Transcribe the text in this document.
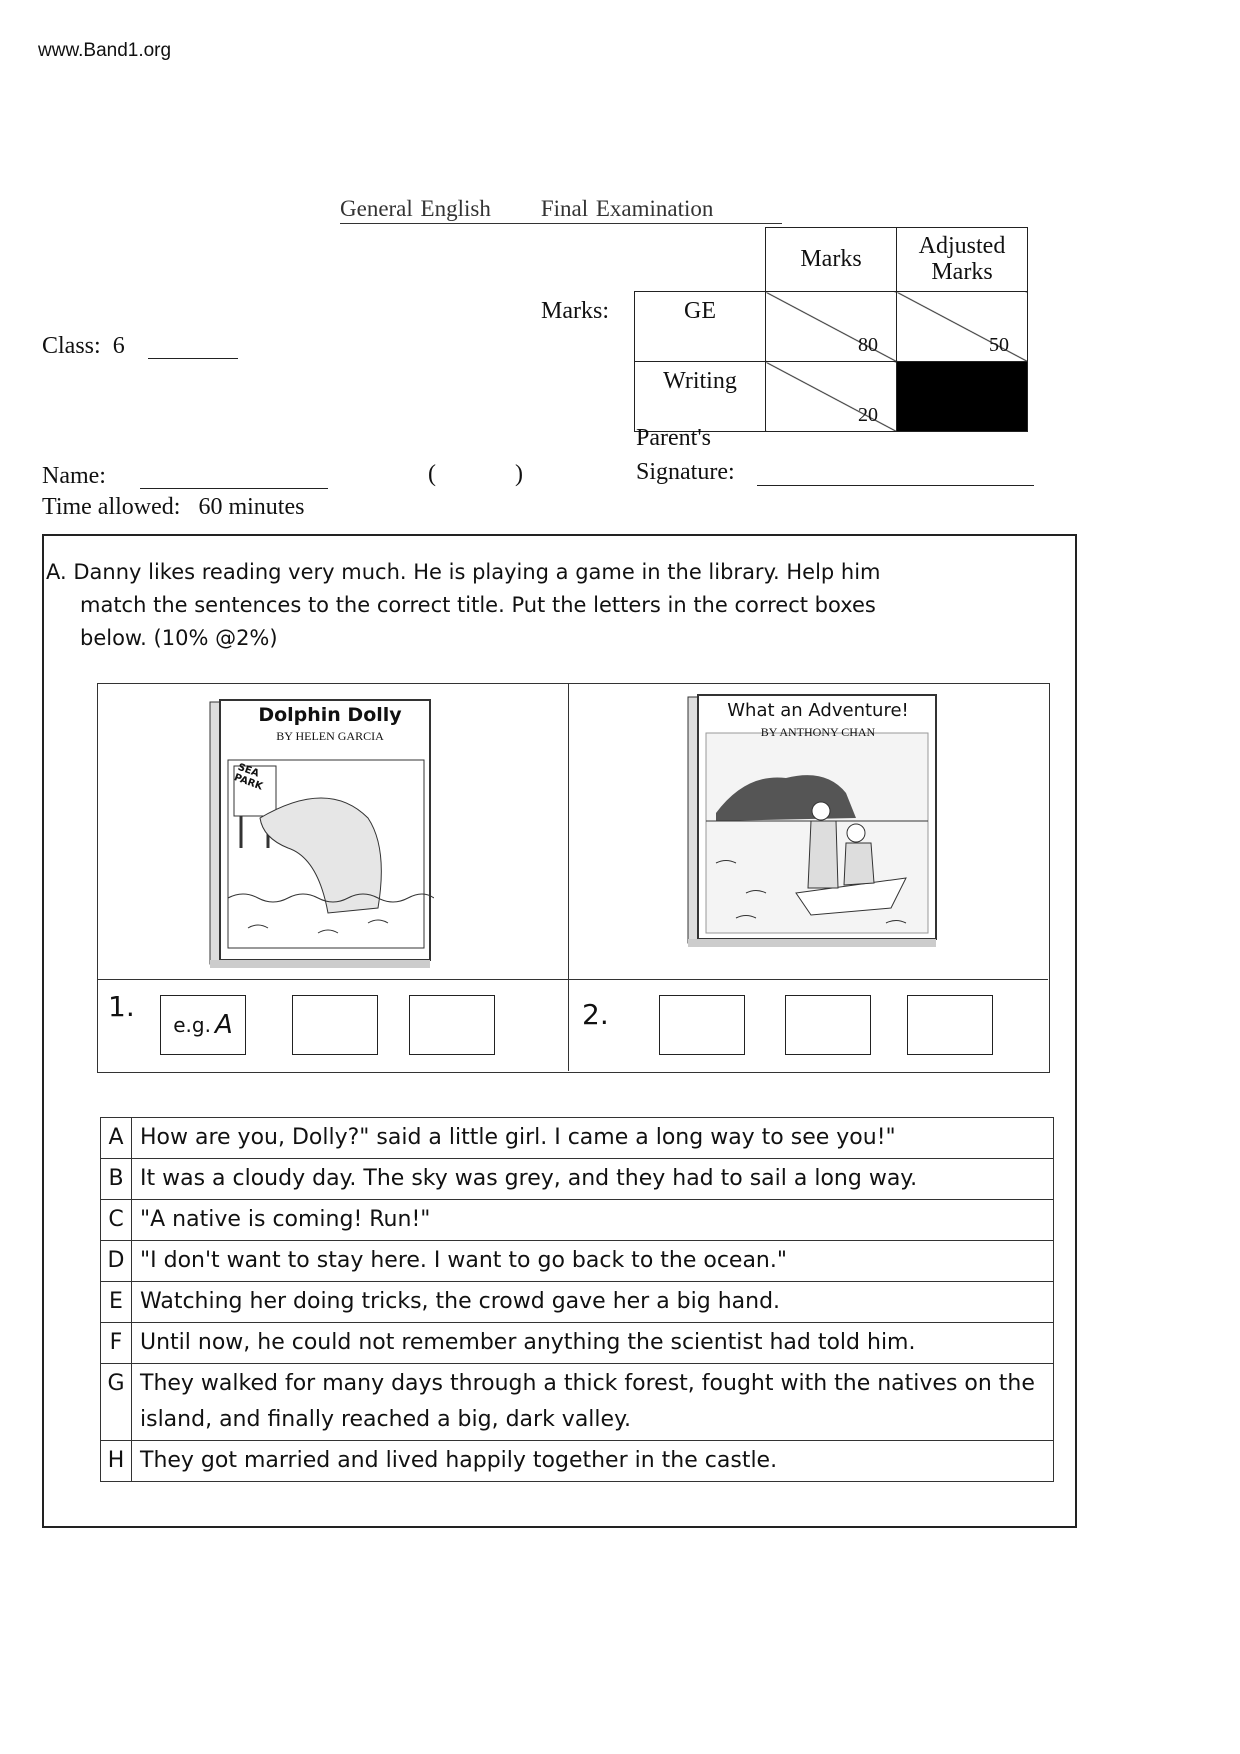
www.Band1.org
General English Final Examination
Marks:
	Marks	Adjusted Marks
GE	80	50

Writing	20	

Class: 6
Parent's
Signature:
Name:	(	)
Time allowed: 60 minutes
A. Danny likes reading very much. He is playing a game in the library. Help him
match the sentences to the correct title. Put the letters in the correct boxes
below. (10% @2%)
Dolphin Dolly
BY HELEN GARCIA
SEA PARK
What an Adventure!
BY ANTHONY CHAN
1.
e.g. A	2.
A	How are you, Dolly?" said a little girl. I came a long way to see you!"
B	It was a cloudy day. The sky was grey, and they had to sail a long way.
C	"A native is coming! Run!"
D	"I don't want to stay here. I want to go back to the ocean."
E	Watching her doing tricks, the crowd gave her a big hand.
F	Until now, he could not remember anything the scientist had told him.
G	They walked for many days through a thick forest, fought with the natives on the island, and finally reached a big, dark valley.
H	They got married and lived happily together in the castle.
